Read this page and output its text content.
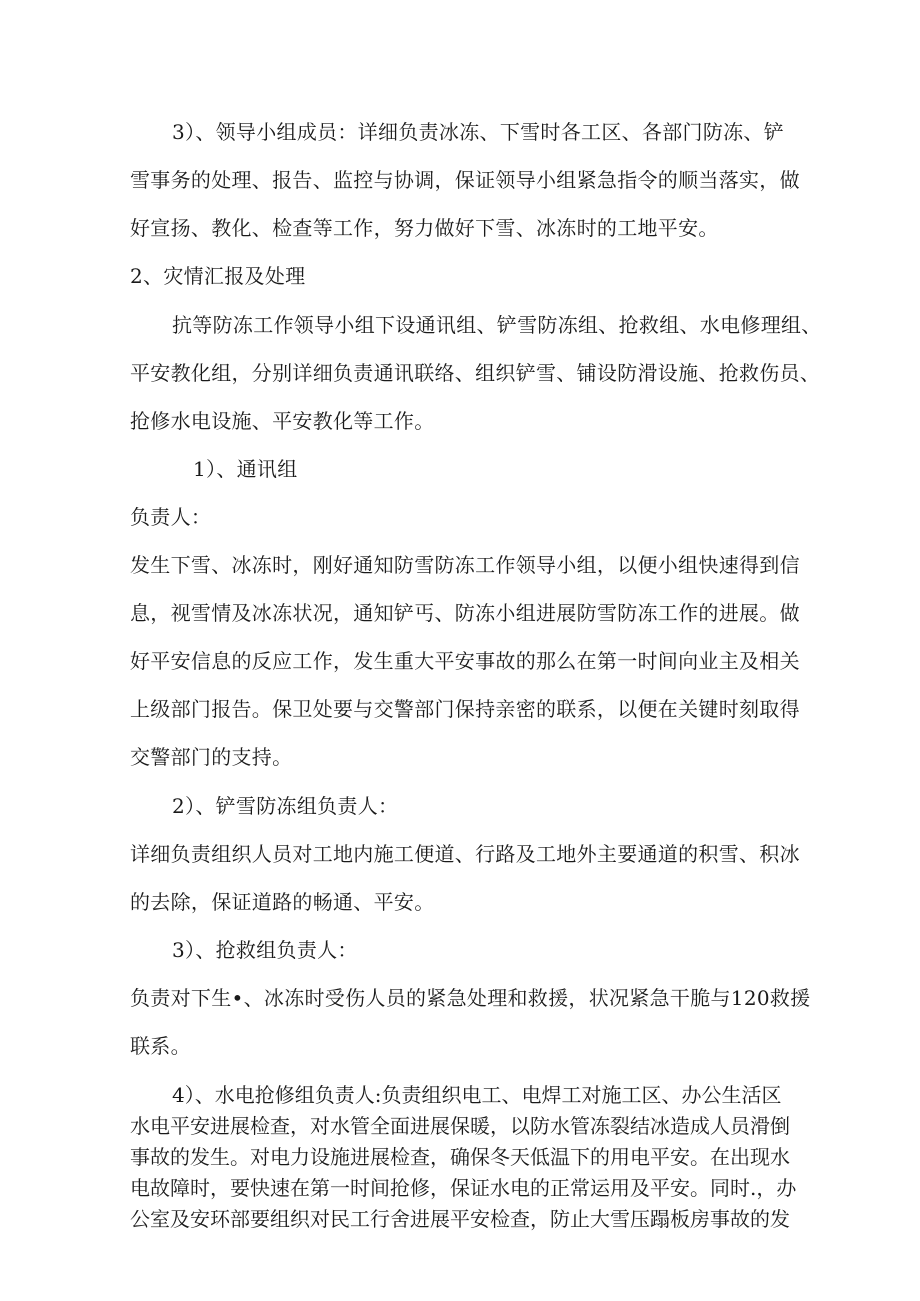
3）、领导小组成员：详细负责冰冻、下雪时各工区、各部门防冻、铲
雪事务的处理、报告、监控与协调，保证领导小组紧急指令的顺当落实，做
好宣扬、教化、检查等工作，努力做好下雪、冰冻时的工地平安。
2、灾情汇报及处理
抗等防冻工作领导小组下设通讯组、铲雪防冻组、抢救组、水电修理组、
平安教化组，分别详细负责通讯联络、组织铲雪、铺设防滑设施、抢救伤员、
抢修水电设施、平安教化等工作。
1）、通讯组
负责人：
发生下雪、冰冻时，刚好通知防雪防冻工作领导小组，以便小组快速得到信
息，视雪情及冰冻状况，通知铲丐、防冻小组进展防雪防冻工作的进展。做
好平安信息的反应工作，发生重大平安事故的那么在第一时间向业主及相关
上级部门报告。保卫处要与交警部门保持亲密的联系，以便在关键时刻取得
交警部门的支持。
2）、铲雪防冻组负责人：
详细负责组织人员对工地内施工便道、行路及工地外主要通道的积雪、积冰
的去除，保证道路的畅通、平安。
3）、抢救组负责人：
负责对下生•、冰冻时受伤人员的紧急处理和救援，状况紧急干脆与120救援
联系。
4）、水电抢修组负责人:负责组织电工、电焊工对施工区、办公生活区
水电平安进展检查，对水管全面进展保暖，以防水管冻裂结冰造成人员滑倒
事故的发生。对电力设施进展检查，确保冬天低温下的用电平安。在出现水
电故障时，要快速在第一时间抢修，保证水电的正常运用及平安。同时.，办
公室及安环部要组织对民工行舍进展平安检查，防止大雪压蹋板房事故的发
